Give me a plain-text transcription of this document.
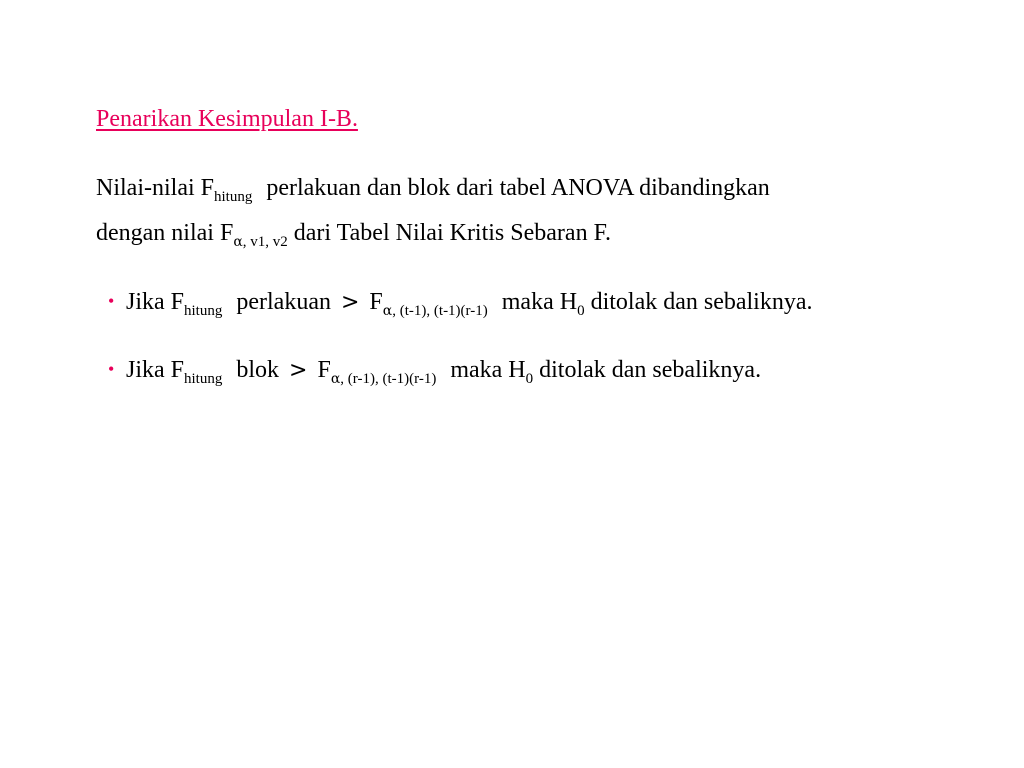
Penarikan Kesimpulan I-B.
Nilai-nilai $F_{hitung}$ perlakuan dan blok dari tabel ANOVA dibandingkan
dengan nilai $F_{\alpha, v1, v2}$ dari Tabel Nilai Kritis Sebaran F.
• Jika $F_{hitung}$ perlakuan > $F_{\alpha, (t-1), (t-1)(r-1)}$ maka $H_0$ ditolak dan sebaliknya.
• Jika $F_{hitung}$ blok > $F_{\alpha, (r-1), (t-1)(r-1)}$ maka $H_0$ ditolak dan sebaliknya.
